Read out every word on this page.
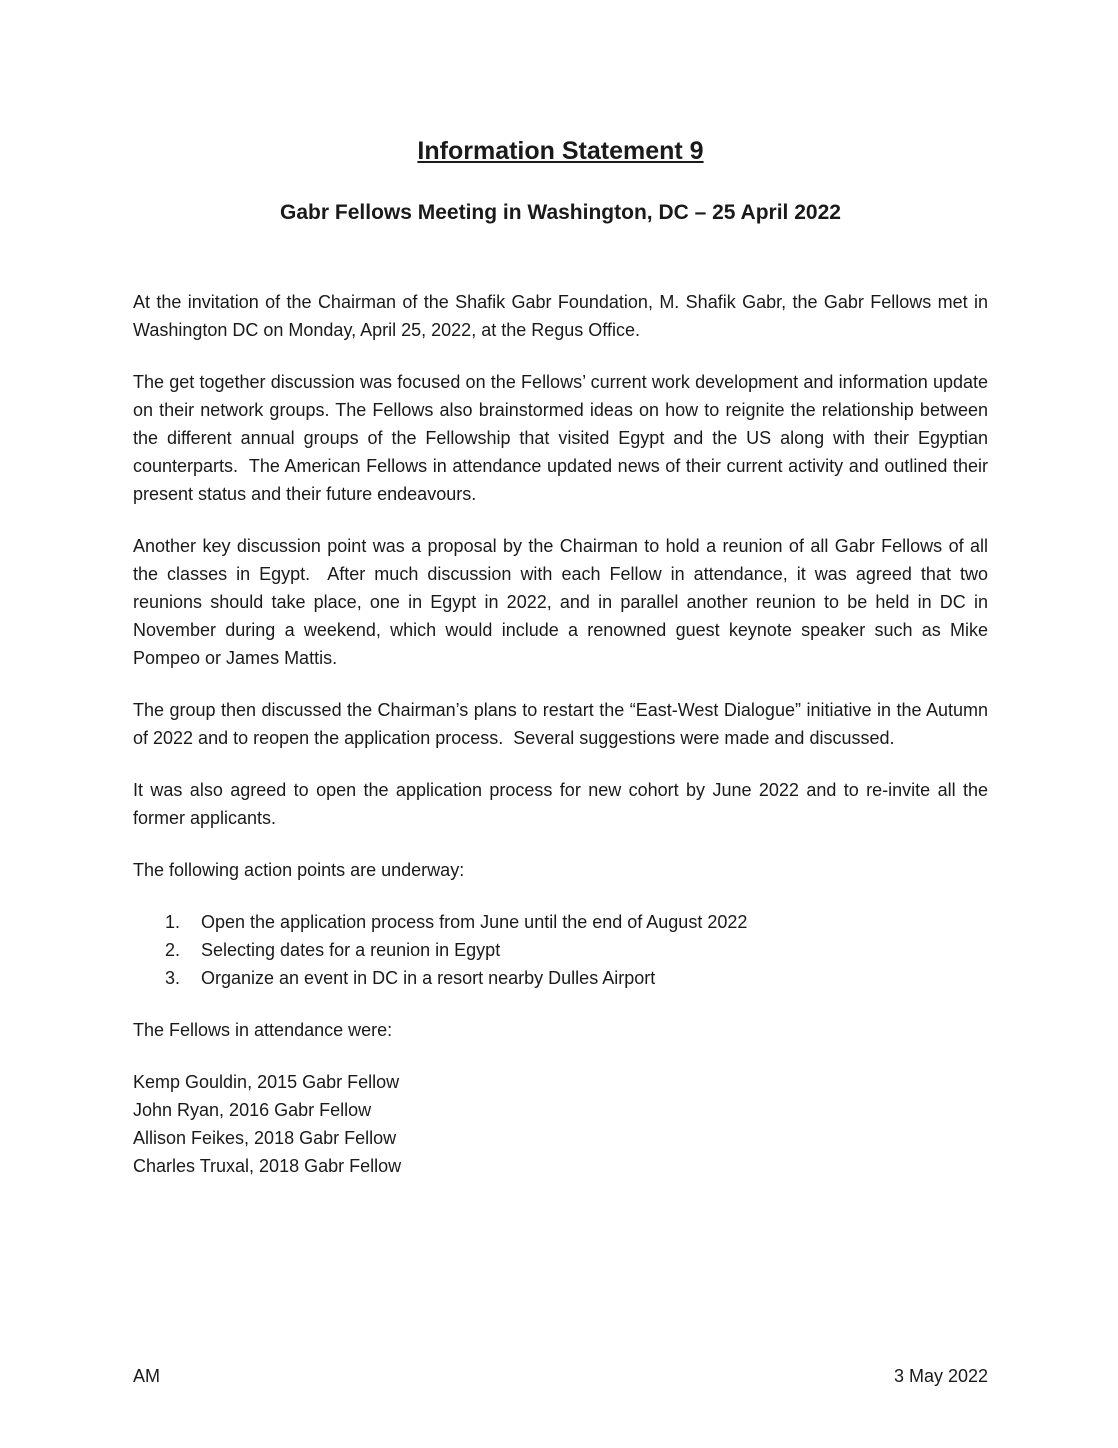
Information Statement 9
Gabr Fellows Meeting in Washington, DC – 25 April 2022

At the invitation of the Chairman of the Shafik Gabr Foundation, M. Shafik Gabr, the Gabr Fellows met in Washington DC on Monday, April 25, 2022, at the Regus Office.

The get together discussion was focused on the Fellows’ current work development and information update on their network groups. The Fellows also brainstormed ideas on how to reignite the relationship between the different annual groups of the Fellowship that visited Egypt and the US along with their Egyptian counterparts.  The American Fellows in attendance updated news of their current activity and outlined their present status and their future endeavours.

Another key discussion point was a proposal by the Chairman to hold a reunion of all Gabr Fellows of all the classes in Egypt.  After much discussion with each Fellow in attendance, it was agreed that two reunions should take place, one in Egypt in 2022, and in parallel another reunion to be held in DC in November during a weekend, which would include a renowned guest keynote speaker such as Mike Pompeo or James Mattis.

The group then discussed the Chairman’s plans to restart the “East-West Dialogue” initiative in the Autumn of 2022 and to reopen the application process.  Several suggestions were made and discussed.

It was also agreed to open the application process for new cohort by June 2022 and to re-invite all the former applicants.

The following action points are underway:

1.	Open the application process from June until the end of August 2022
2.	Selecting dates for a reunion in Egypt
3.	Organize an event in DC in a resort nearby Dulles Airport

The Fellows in attendance were:

Kemp Gouldin, 2015 Gabr Fellow
John Ryan, 2016 Gabr Fellow
Allison Feikes, 2018 Gabr Fellow
Charles Truxal, 2018 Gabr Fellow
AM	3 May 2022
